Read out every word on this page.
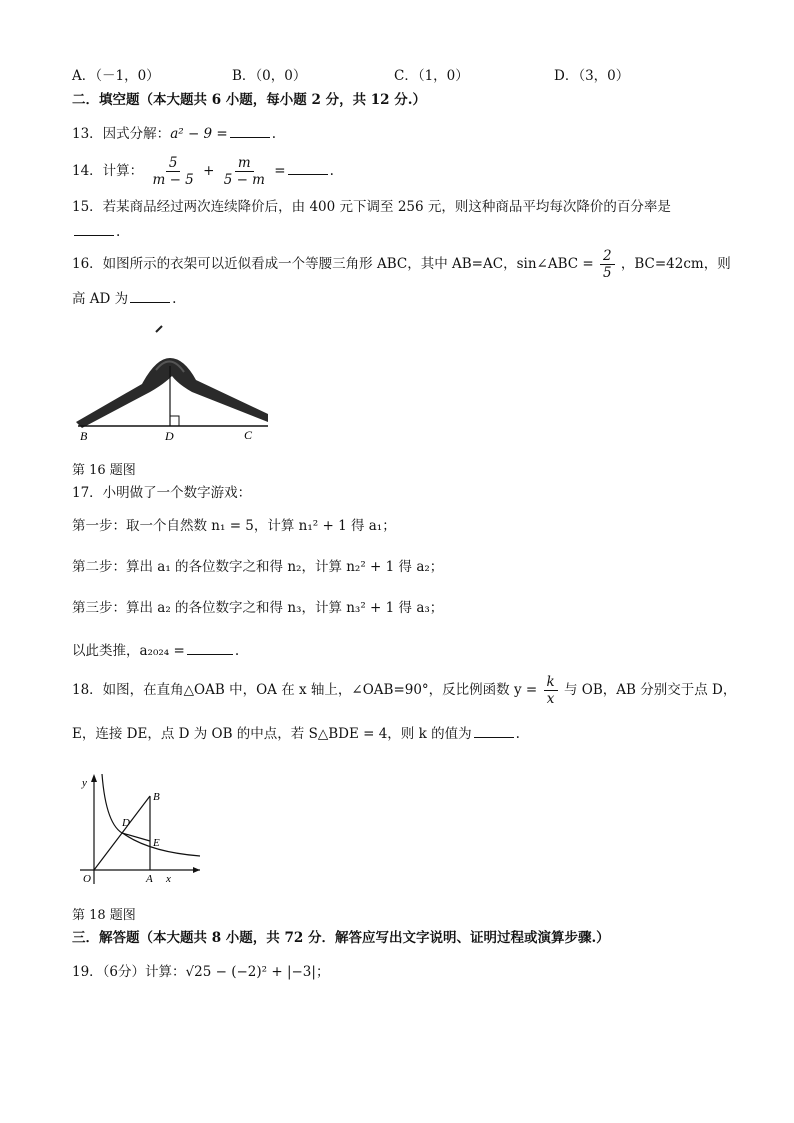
A．（－1，0）	B．（0，0）	C．（1，0）	D．（3，0）
二．填空题（本大题共 6 小题，每小题 2 分，共 12 分.）
13．因式分解：a² − 9 =	.
14．计算： $\frac{5}{m - 5} + \frac{m}{5 - m}$ =	.
15．若某商品经过两次连续降价后，由 400 元下调至 256 元，则这种商品平均每次降价的百分率是
.
16．如图所示的衣架可以近似看成一个等腰三角形 ABC，其中 AB=AC，sin∠ABC = $\frac{2}{5}$ ，BC=42cm，则
高 AD 为	.
B	D	C
第 16 题图
17．小明做了一个数字游戏：
第一步：取一个自然数 n₁ = 5，计算 n₁² + 1 得 a₁；
第二步：算出 a₁ 的各位数字之和得 n₂，计算 n₂² + 1 得 a₂；
第三步：算出 a₂ 的各位数字之和得 n₃，计算 n₃² + 1 得 a₃；
以此类推，a₂₀₂₄ =	.
18．如图，在直角△OAB 中，OA 在 x 轴上，∠OAB=90°，反比例函数 $y = \frac{k}{x}$ 与 OB，AB 分别交于点 D，
E，连接 DE，点 D 为 OB 的中点，若 S△BDE = 4，则 k 的值为	.
y
x
O	A
B
D
E
第 18 题图
三．解答题（本大题共 8 小题，共 72 分．解答应写出文字说明、证明过程或演算步骤.）
19．（6分）计算：√25 − (−2)² + |−3|；
